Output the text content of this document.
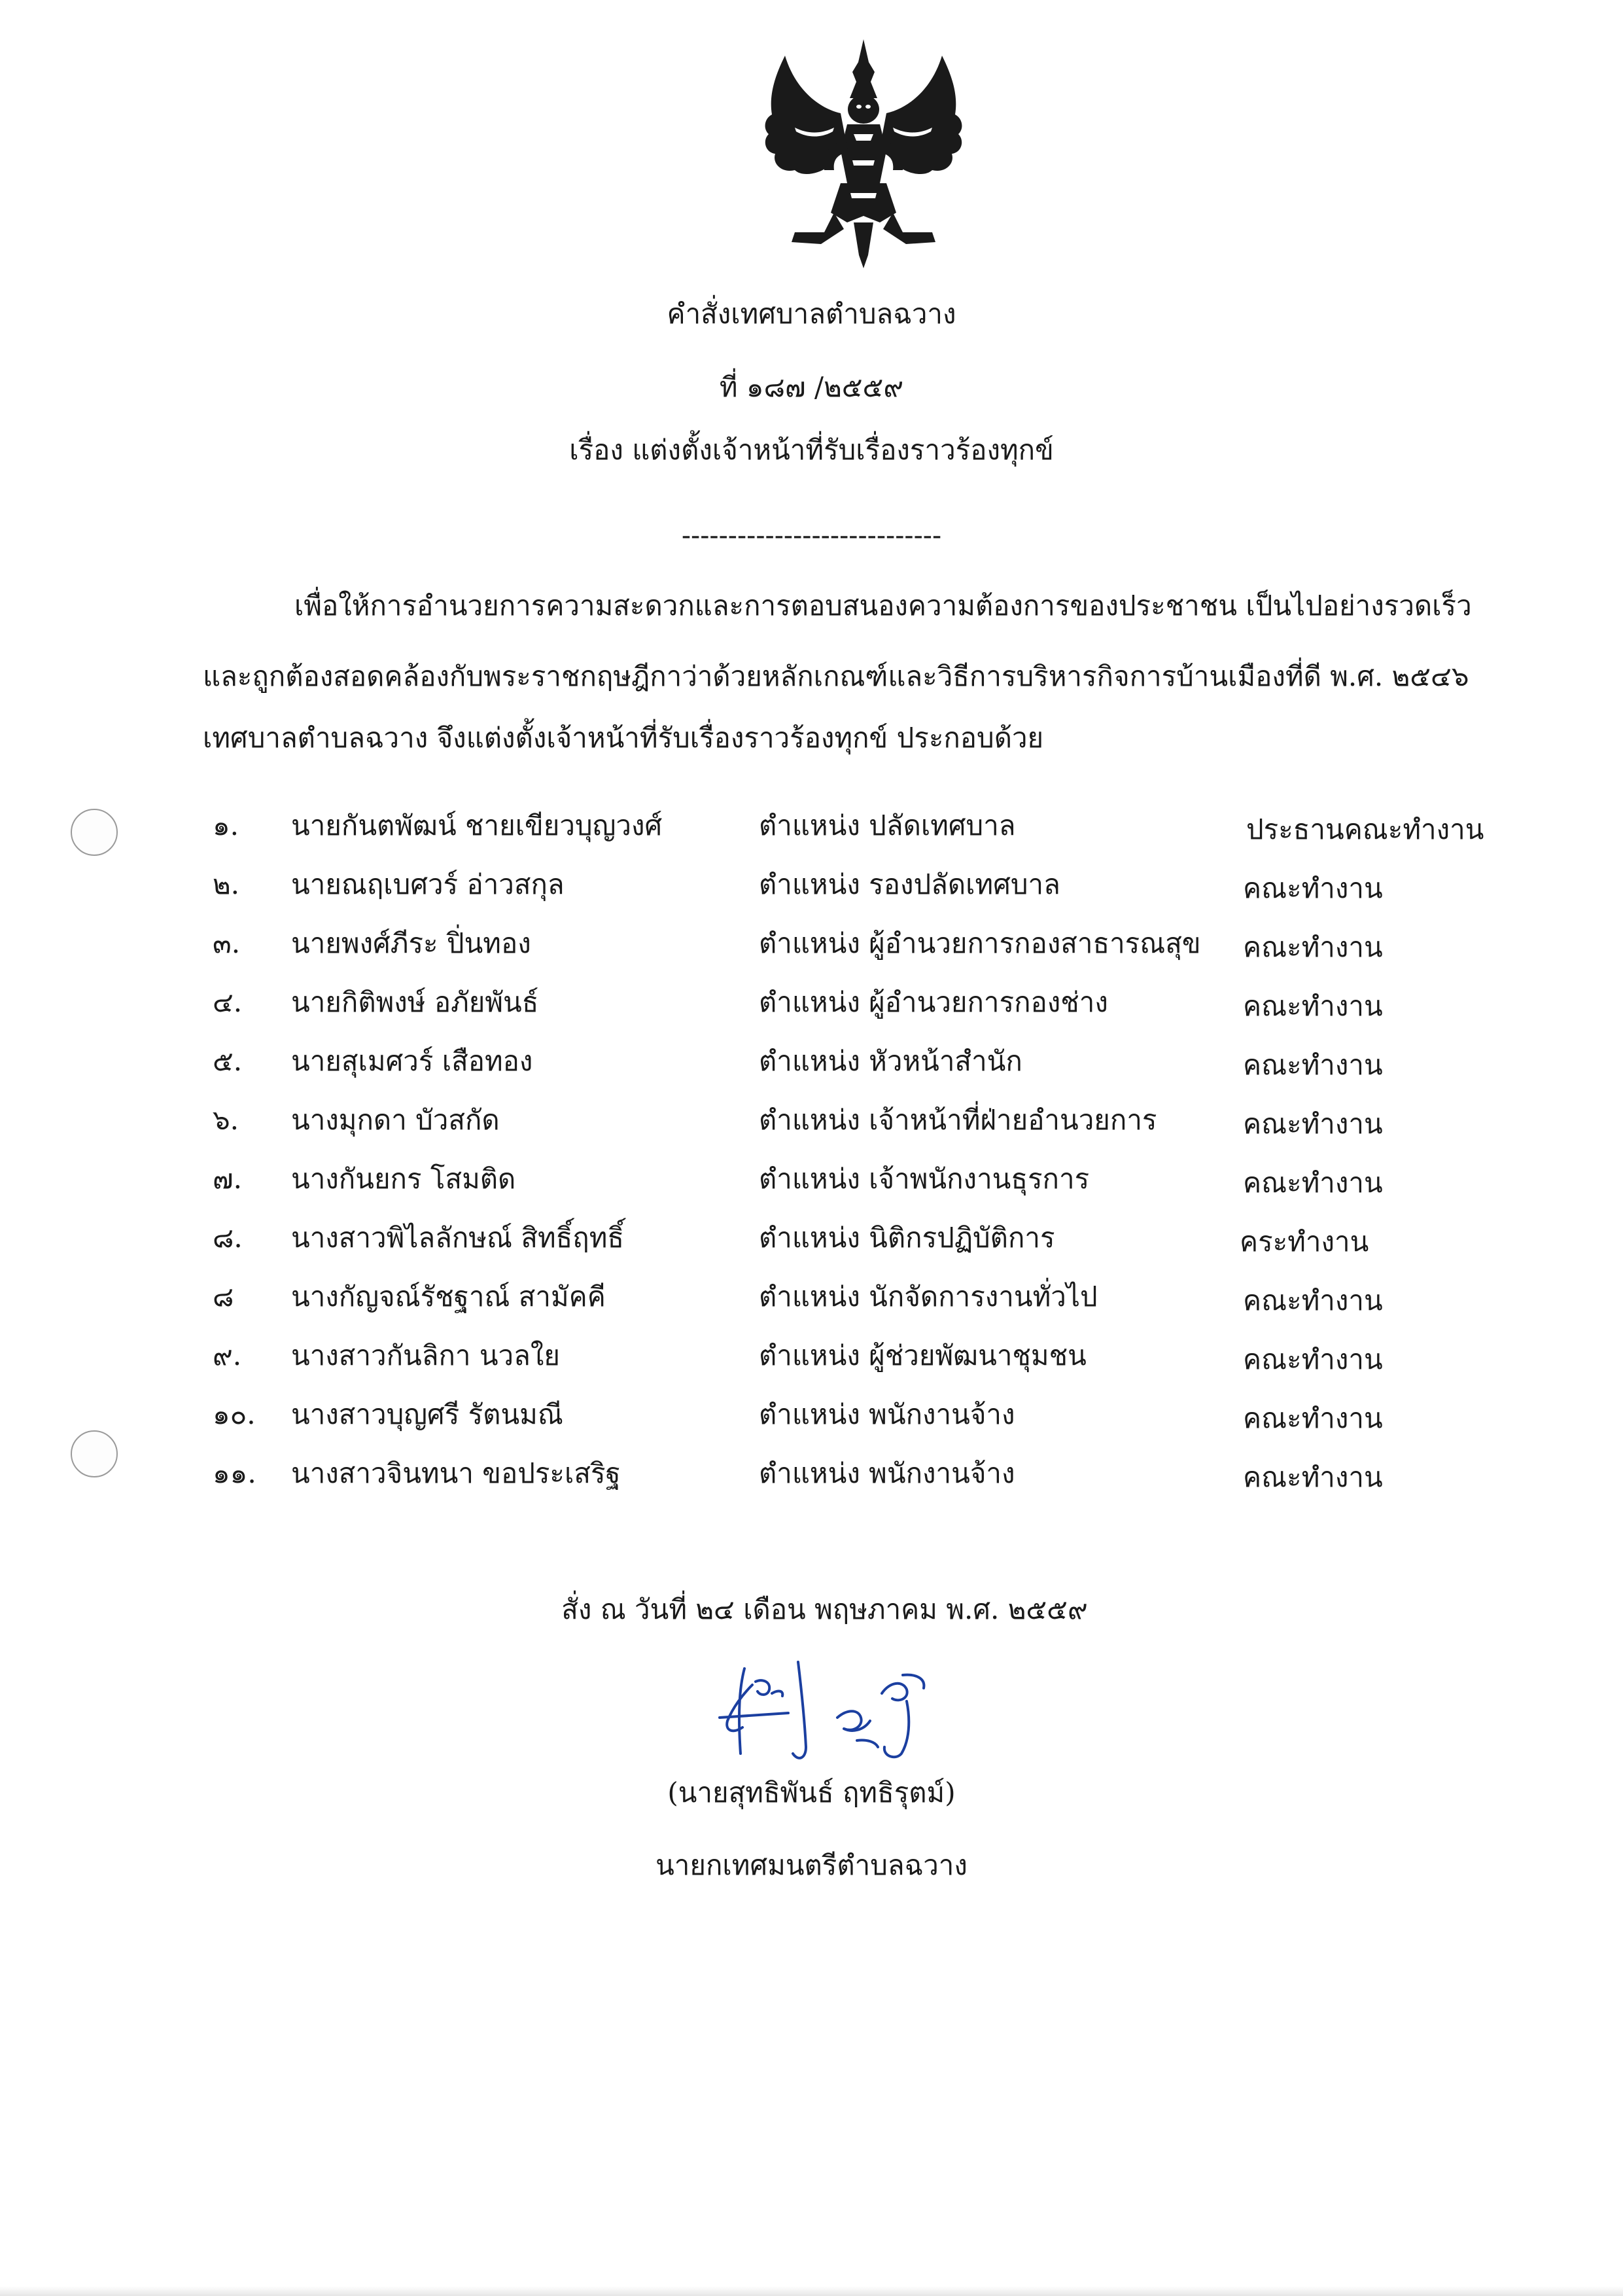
คำสั่งเทศบาลตำบลฉวาง
ที่ ๑๘๗ /๒๕๕๙
เรื่อง แต่งตั้งเจ้าหน้าที่รับเรื่องราวร้องทุกข์
----------------------------
เพื่อให้การอำนวยการความสะดวกและการตอบสนองความต้องการของประชาชน เป็นไปอย่างรวดเร็ว
และถูกต้องสอดคล้องกับพระราชกฤษฎีกาว่าด้วยหลักเกณฑ์และวิธีการบริหารกิจการบ้านเมืองที่ดี พ.ศ. ๒๕๔๖
เทศบาลตำบลฉวาง จึงแต่งตั้งเจ้าหน้าที่รับเรื่องราวร้องทุกข์ ประกอบด้วย
๑. นายกันตพัฒน์ ชายเขียวบุญวงศ์	ตำแหน่ง ปลัดเทศบาล	ประธานคณะทำงาน
๒. นายณฤเบศวร์ อ่าวสกุล	ตำแหน่ง รองปลัดเทศบาล	คณะทำงาน
๓. นายพงศ์ภีระ ปิ่นทอง	ตำแหน่ง ผู้อำนวยการกองสาธารณสุข คณะทำงาน
๔. นายกิติพงษ์ อภัยพันธ์	ตำแหน่ง ผู้อำนวยการกองช่าง	คณะทำงาน
๕. นายสุเมศวร์ เสือทอง	ตำแหน่ง หัวหน้าสำนัก	คณะทำงาน
๖. นางมุกดา บัวสกัด	ตำแหน่ง เจ้าหน้าที่ฝ่ายอำนวยการ	คณะทำงาน
๗. นางกันยกร โสมติด	ตำแหน่ง เจ้าพนักงานธุรการ	คณะทำงาน
๘. นางสาวพิไลลักษณ์ สิทธิ์ฤทธิ์	ตำแหน่ง นิติกรปฏิบัติการ	คระทำงาน
๘ นางกัญจณ์รัชฐาณ์ สามัคคี	ตำแหน่ง นักจัดการงานทั่วไป	คณะทำงาน
๙. นางสาวกันลิกา นวลใย	ตำแหน่ง ผู้ช่วยพัฒนาชุมชน	คณะทำงาน
๑๐. นางสาวบุญศรี รัตนมณี	ตำแหน่ง พนักงานจ้าง	คณะทำงาน
๑๑. นางสาวจินทนา ขอประเสริฐ	ตำแหน่ง พนักงานจ้าง	คณะทำงาน
สั่ง ณ วันที่ ๒๔ เดือน พฤษภาคม พ.ศ. ๒๕๕๙
(นายสุทธิพันธ์ ฤทธิรุตม์)
นายกเทศมนตรีตำบลฉวาง
